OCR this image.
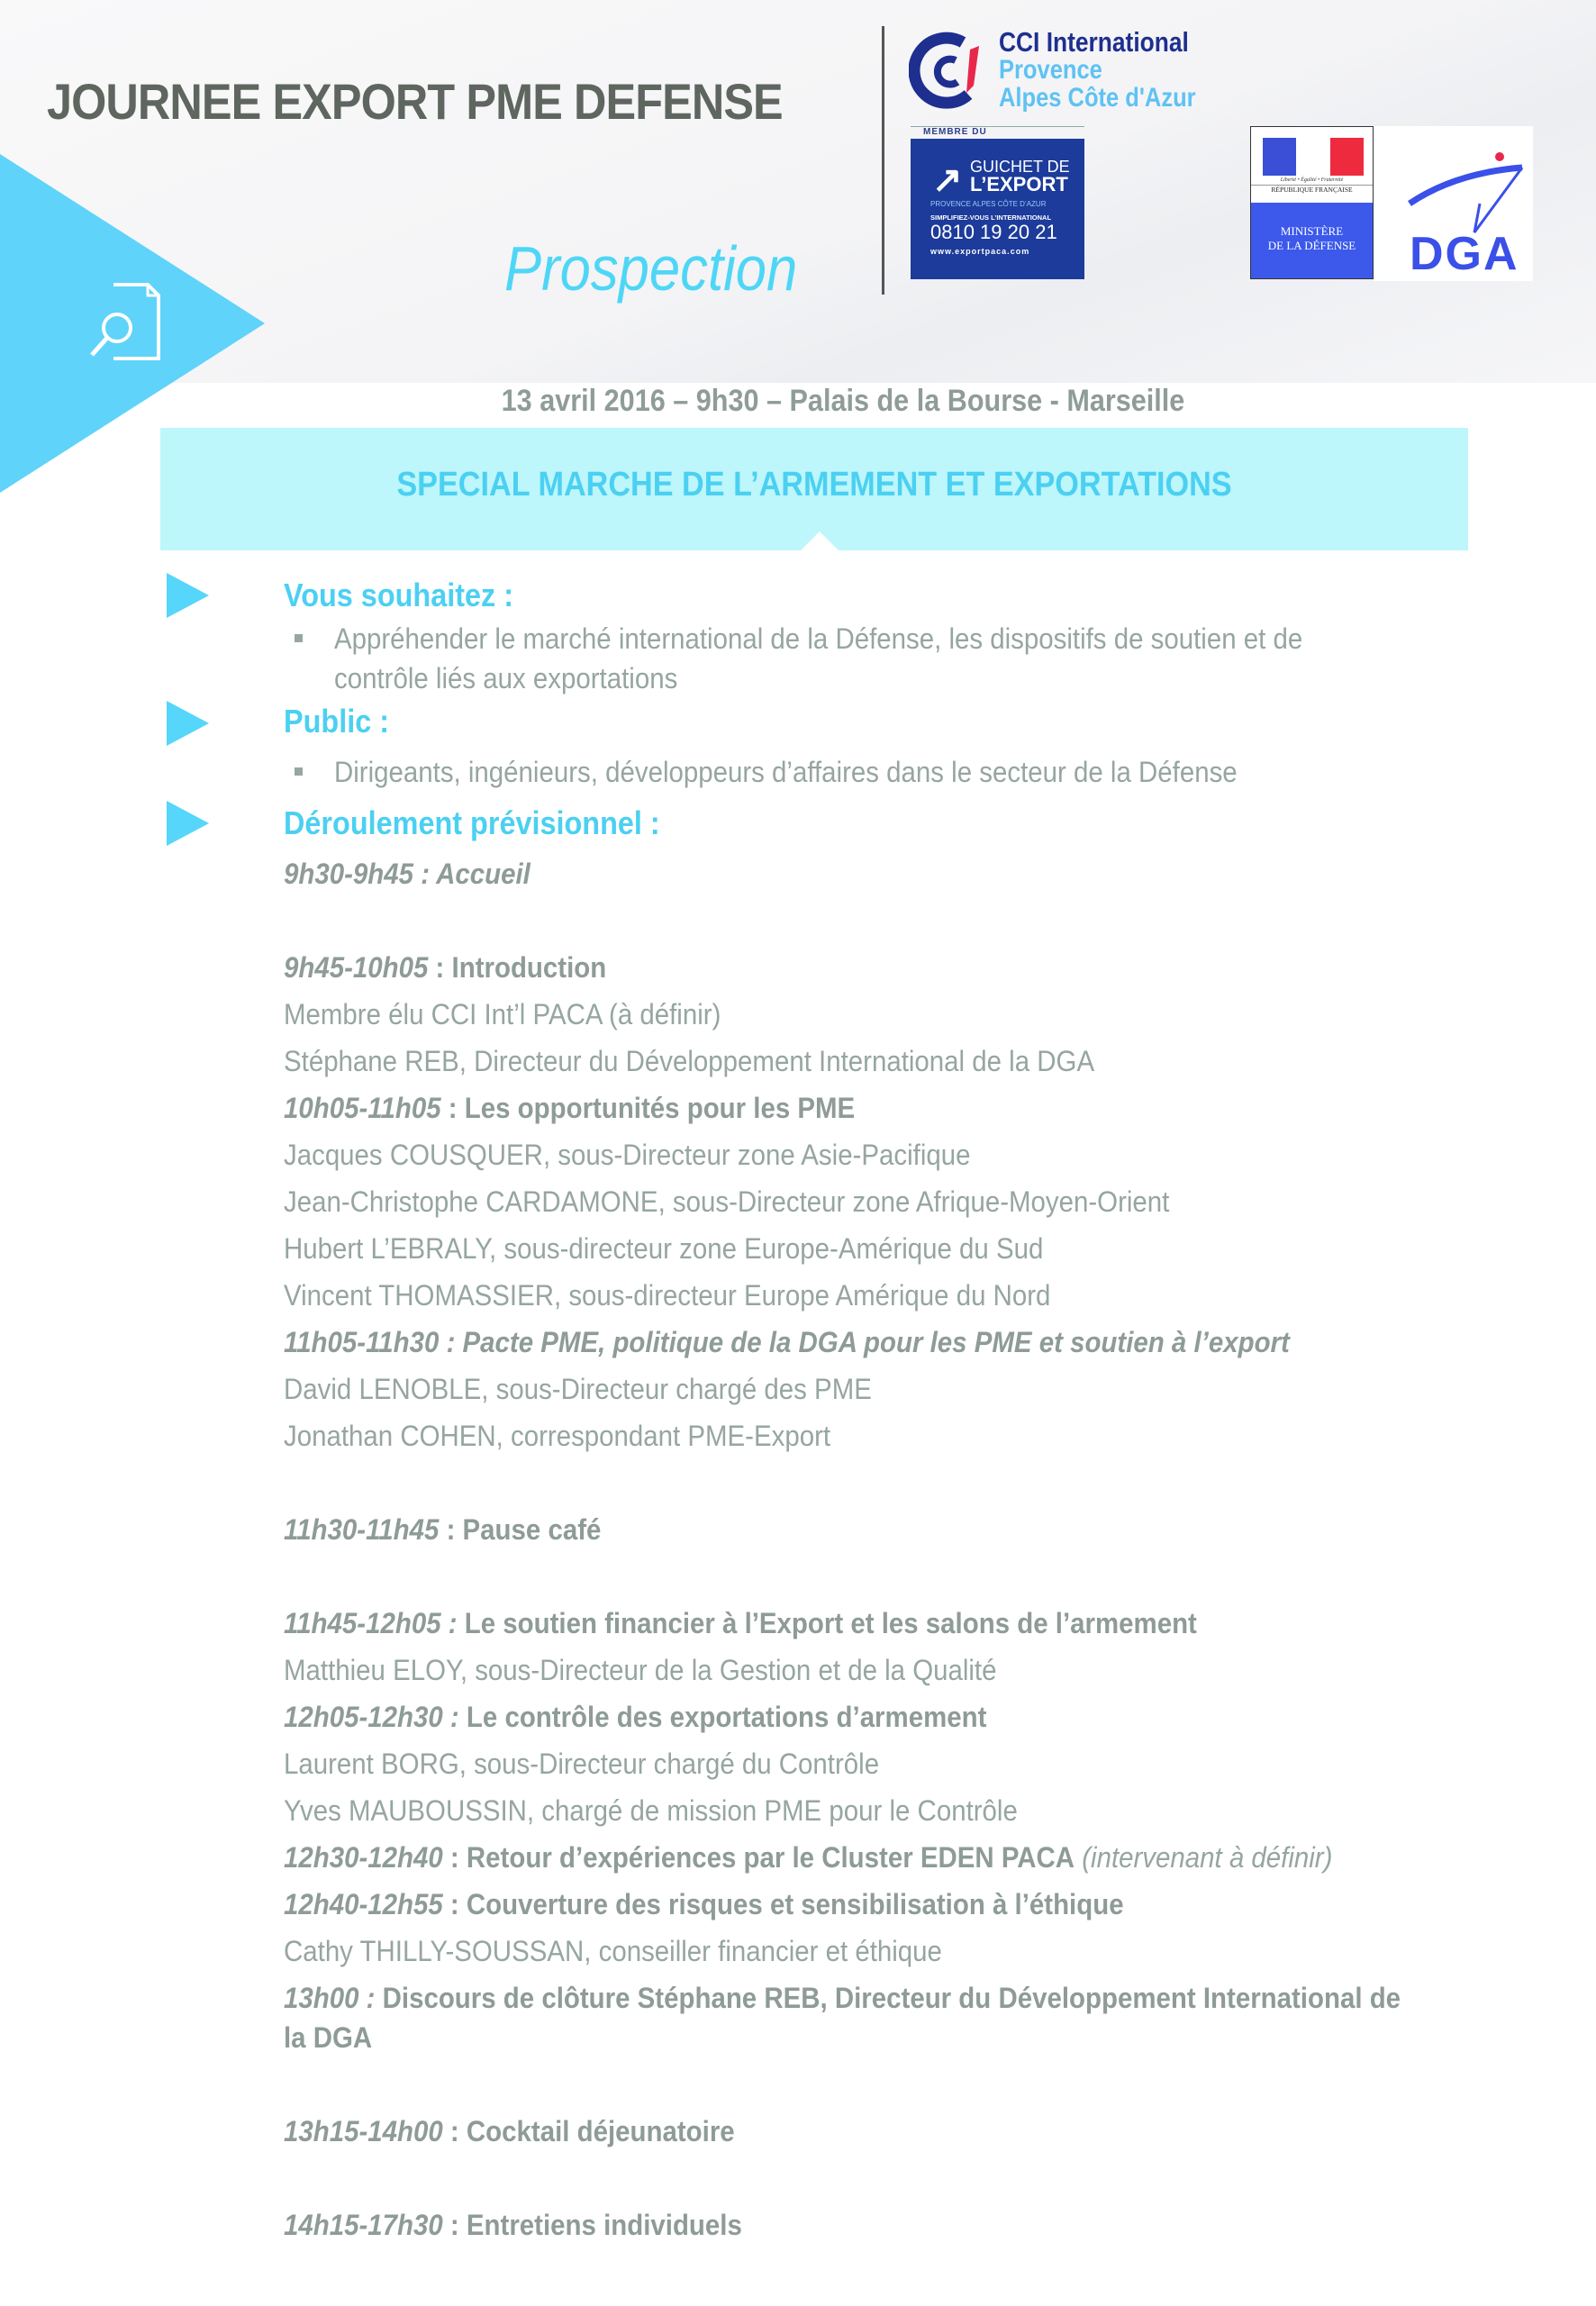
JOURNEE EXPORT PME DEFENSE
Prospection
CCI International
Provence
Alpes Côte d'Azur
MEMBRE DU
GUICHET DE
L’EXPORT
PROVENCE ALPES CÔTE D’AZUR
SIMPLIFIEZ-VOUS L’INTERNATIONAL
0810 19 20 21
www.exportpaca.com
↗	Liberté • Égalité • Fraternité
RÉPUBLIQUE FRANÇAISE
MINISTÈRE
DE LA DÉFENSE	DGA
13 avril 2016 – 9h30 – Palais de la Bourse - Marseille
SPECIAL MARCHE DE L’ARMEMENT ET EXPORTATIONS
Vous souhaitez :
Appréhender le marché international de la Défense, les dispositifs de soutien et de contrôle liés aux exportations
Public :
Dirigeants, ingénieurs, développeurs d’affaires dans le secteur de la Défense
Déroulement prévisionnel :
9h30-9h45 : Accueil
9h45-10h05 : Introduction
Membre élu CCI Int’l PACA (à définir)
Stéphane REB, Directeur du Développement International de la DGA
10h05-11h05 : Les opportunités pour les PME
Jacques COUSQUER, sous-Directeur zone Asie-Pacifique
Jean-Christophe CARDAMONE, sous-Directeur zone Afrique-Moyen-Orient
Hubert L’EBRALY, sous-directeur zone Europe-Amérique du Sud
Vincent THOMASSIER, sous-directeur Europe Amérique du Nord
11h05-11h30 : Pacte PME, politique de la DGA pour les PME et soutien à l’export
David LENOBLE, sous-Directeur chargé des PME
Jonathan COHEN, correspondant PME-Export
11h30-11h45 : Pause café
11h45-12h05 : Le soutien financier à l’Export et les salons de l’armement
Matthieu ELOY, sous-Directeur de la Gestion et de la Qualité
12h05-12h30 : Le contrôle des exportations d’armement
Laurent BORG, sous-Directeur chargé du Contrôle
Yves MAUBOUSSIN, chargé de mission PME pour le Contrôle
12h30-12h40 : Retour d’expériences par le Cluster EDEN PACA (intervenant à définir)
12h40-12h55 : Couverture des risques et sensibilisation à l’éthique
Cathy THILLY-SOUSSAN, conseiller financier et éthique
13h00 : Discours de clôture Stéphane REB, Directeur du Développement International de la DGA
13h15-14h00 : Cocktail déjeunatoire
14h15-17h30 : Entretiens individuels
